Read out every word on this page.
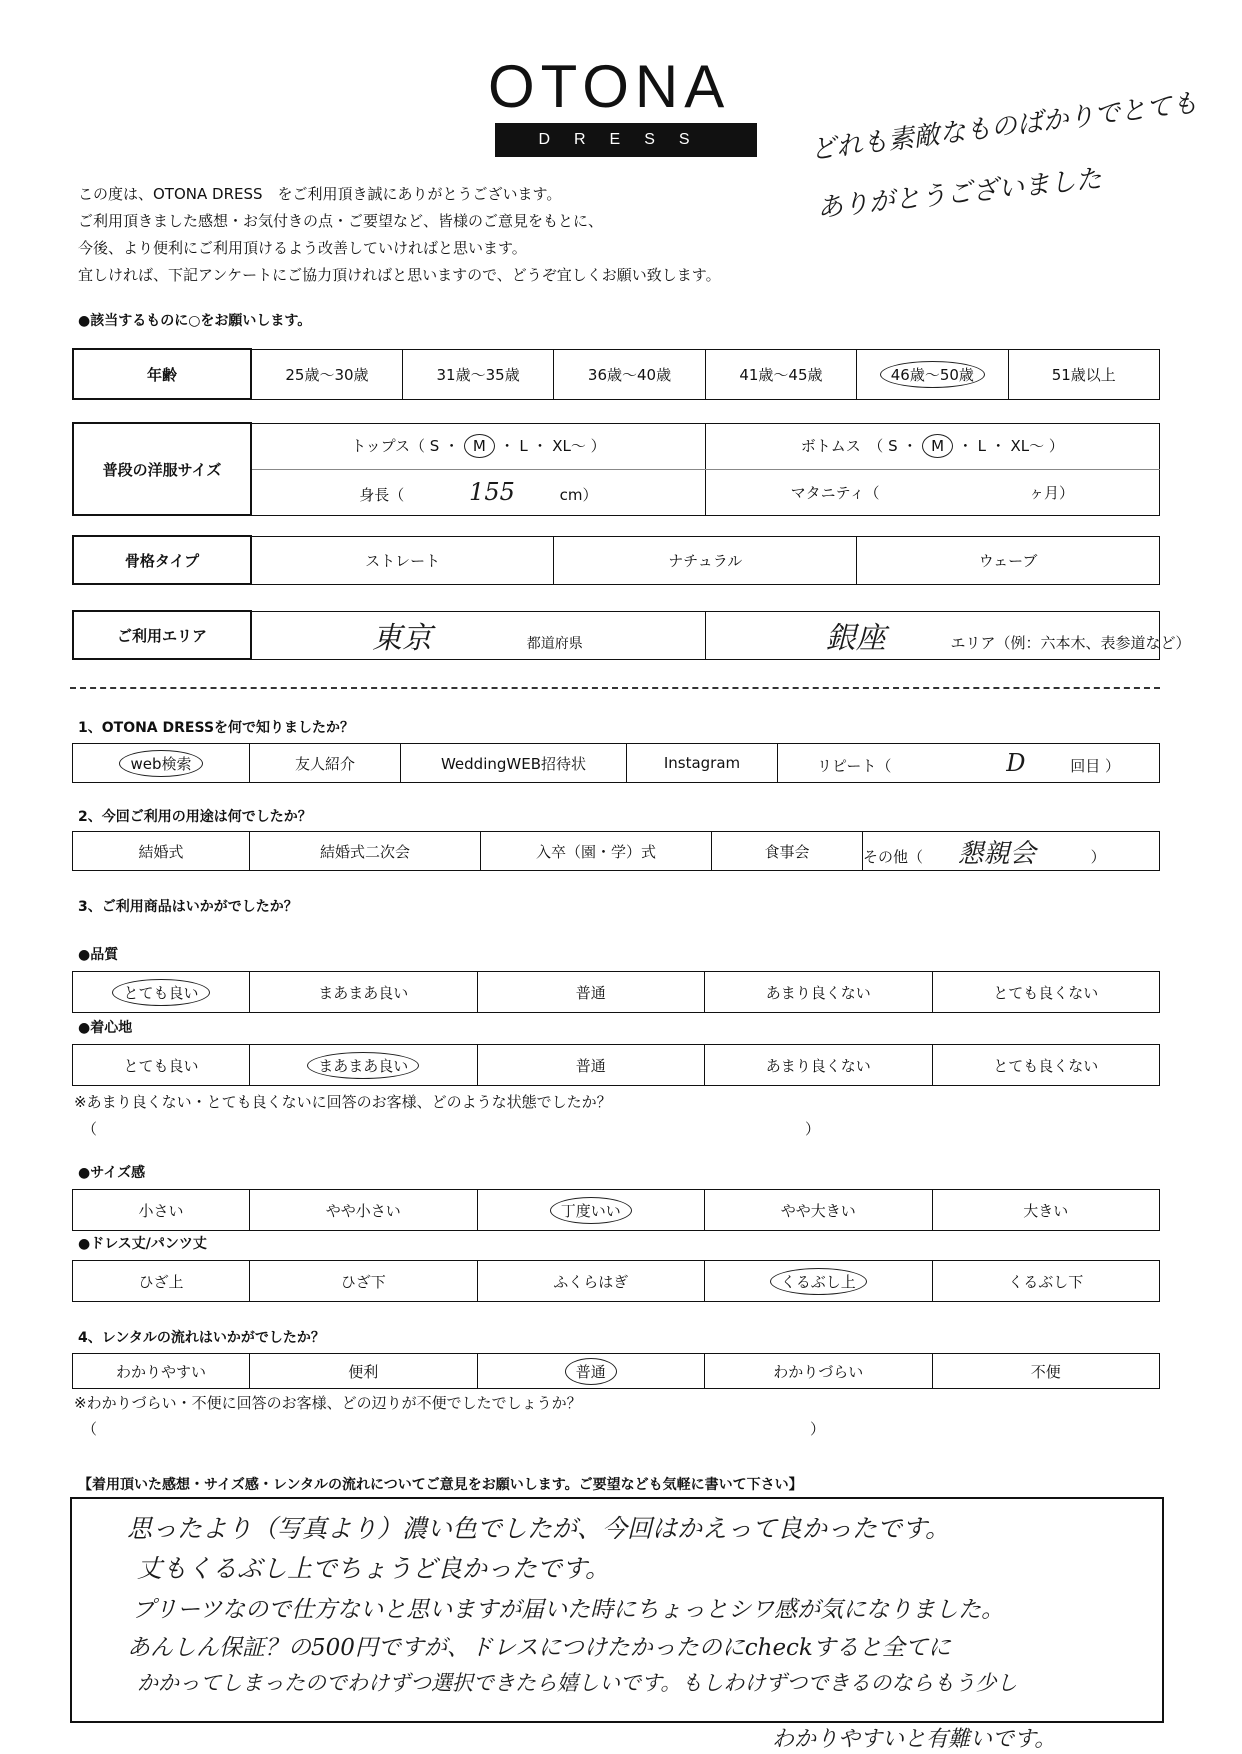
OTONA
DRESS	どれも素敵なものばかりでとても
ありがとうございました
この度は、OTONA DRESS　をご利用頂き誠にありがとうございます。
ご利用頂きました感想・お気付きの点・ご要望など、皆様のご意見をもとに、
今後、より便利にご利用頂けるよう改善していければと思います。
宜しければ、下記アンケートにご協力頂ければと思いますので、どうぞ宜しくお願い致します。
●該当するものに○をお願いします。
年齢	25歳～30歳	31歳～35歳	36歳～40歳	41歳～45歳	46歳～50歳	51歳以上
普段の洋服サイズ	トップス（ S ・ M ・ L ・ XL～ ）	ボトムス　（ S ・ M ・ L ・ XL～ ）
	身長（ 155 cm）	マタニティ（ ヶ月）
骨格タイプ	ストレート	ナチュラル	ウェーブ
ご利用エリア	東京	都道府県	銀座	エリア（例：六本木、表参道など）
1、OTONA DRESSを何で知りましたか？
web検索	友人紹介	WeddingWEB招待状	Instagram	リピート（	D	回目 ）
2、今回ご利用の用途は何でしたか？
結婚式	結婚式二次会	入卒（園・学）式	食事会	その他（ 懇親会	）
3、ご利用商品はいかがでしたか？
●品質
とても良い	まあまあ良い	普通	あまり良くない	とても良くない
●着心地
とても良い	まあまあ良い	普通	あまり良くない	とても良くない
※あまり良くない・とても良くないに回答のお客様、どのような状態でしたか？
（	）
●サイズ感
小さい	やや小さい	丁度いい	やや大きい	大きい
●ドレス丈/パンツ丈
ひざ上	ひざ下	ふくらはぎ	くるぶし上	くるぶし下
4、レンタルの流れはいかがでしたか？
わかりやすい	便利	普通	わかりづらい	不便
※わかりづらい・不便に回答のお客様、どの辺りが不便でしたでしょうか？
（	）
【着用頂いた感想・サイズ感・レンタルの流れについてご意見をお願いします。ご要望なども気軽に書いて下さい】
思ったより（写真より）濃い色でしたが、今回はかえって良かったです。
丈もくるぶし上でちょうど良かったです。
プリーツなので仕方ないと思いますが届いた時にちょっとシワ感が気になりました。
あんしん保証？の500円ですが、ドレスにつけたかったのにcheckすると全てに
かかってしまったのでわけずつ選択できたら嬉しいです。もしわけずつできるのならもう少し
わかりやすいと有難いです。
